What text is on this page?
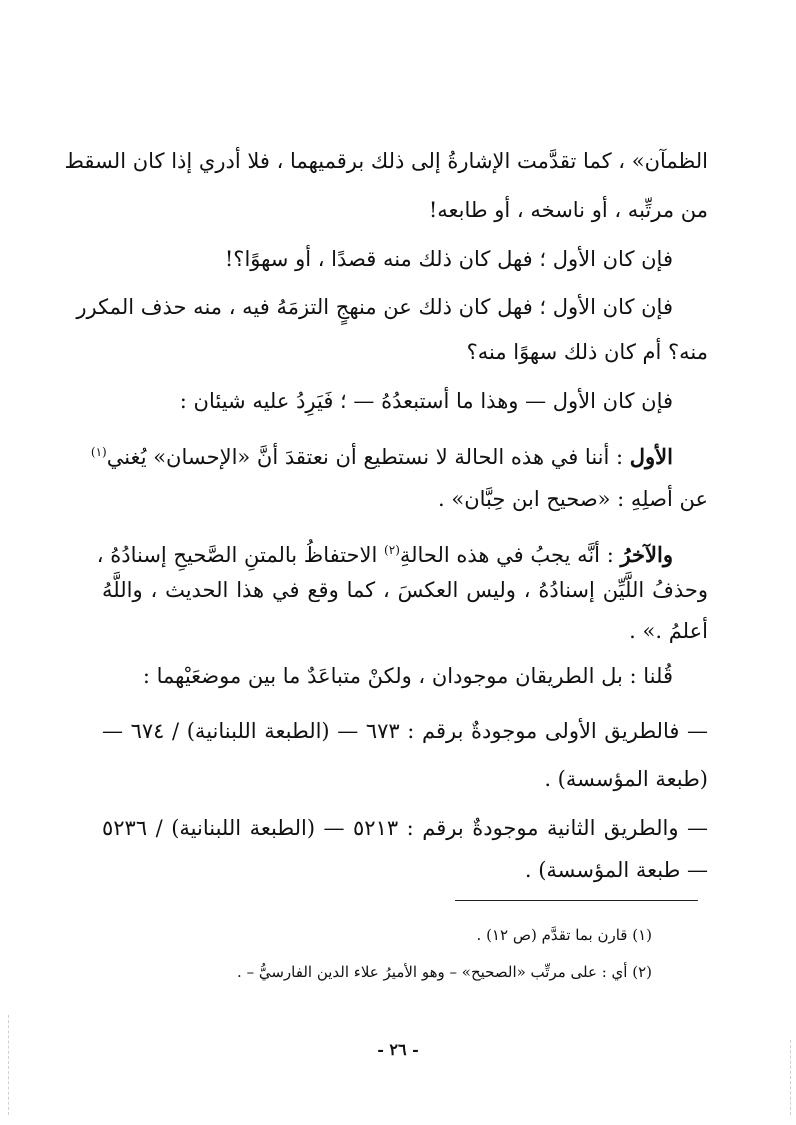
الظمآن» ، كما تقدَّمت الإشارةُ إلى ذلك برقميهما ، فلا أدري إذا كان السقط
من مرتِّبه ، أو ناسخه ، أو طابعه!
فإن كان الأول ؛ فهل كان ذلك منه قصدًا ، أو سهوًا؟!
فإن كان الأول ؛ فهل كان ذلك عن منهجٍ التزمَهُ فيه ، منه حذف المكرر
منه؟ أم كان ذلك سهوًا منه؟
فإن كان الأول — وهذا ما أستبعدُهُ — ؛ فَيَرِدُ عليه شيئان :
الأول : أننا في هذه الحالة لا نستطيع أن نعتقدَ أنَّ «الإحسان» يُغني$^{(١)}$
عن أصلِهِ : «صحيح ابن حِبَّان» .
والآخرُ : أنَّه يجبُ في هذه الحالةِ$^{(٢)}$ الاحتفاظُ بالمتنِ الصَّحيحِ إسنادُهُ ،
وحذفُ اللَّيِّن إسنادُهُ ، وليس العكسَ ، كما وقع في هذا الحديث ، واللَّهُ
أعلمُ .» .
قُلنا : بل الطريقان موجودان ، ولكنْ متباعَدٌ ما بين موضعَيْهما :
— فالطريق الأولى موجودةٌ برقم : ٦٧٣ — (الطبعة اللبنانية) / ٦٧٤ —
(طبعة المؤسسة) .
— والطريق الثانية موجودةٌ برقم : ٥٢١٣ — (الطبعة اللبنانية) / ٥٢٣٦
— طبعة المؤسسة) .
(١) قارن بما تقدَّم (ص ١٢) .
(٢) أي : على مرتِّب «الصحيح» – وهو الأميرُ علاء الدين الفارسيُّ – .
- ٢٦ -
